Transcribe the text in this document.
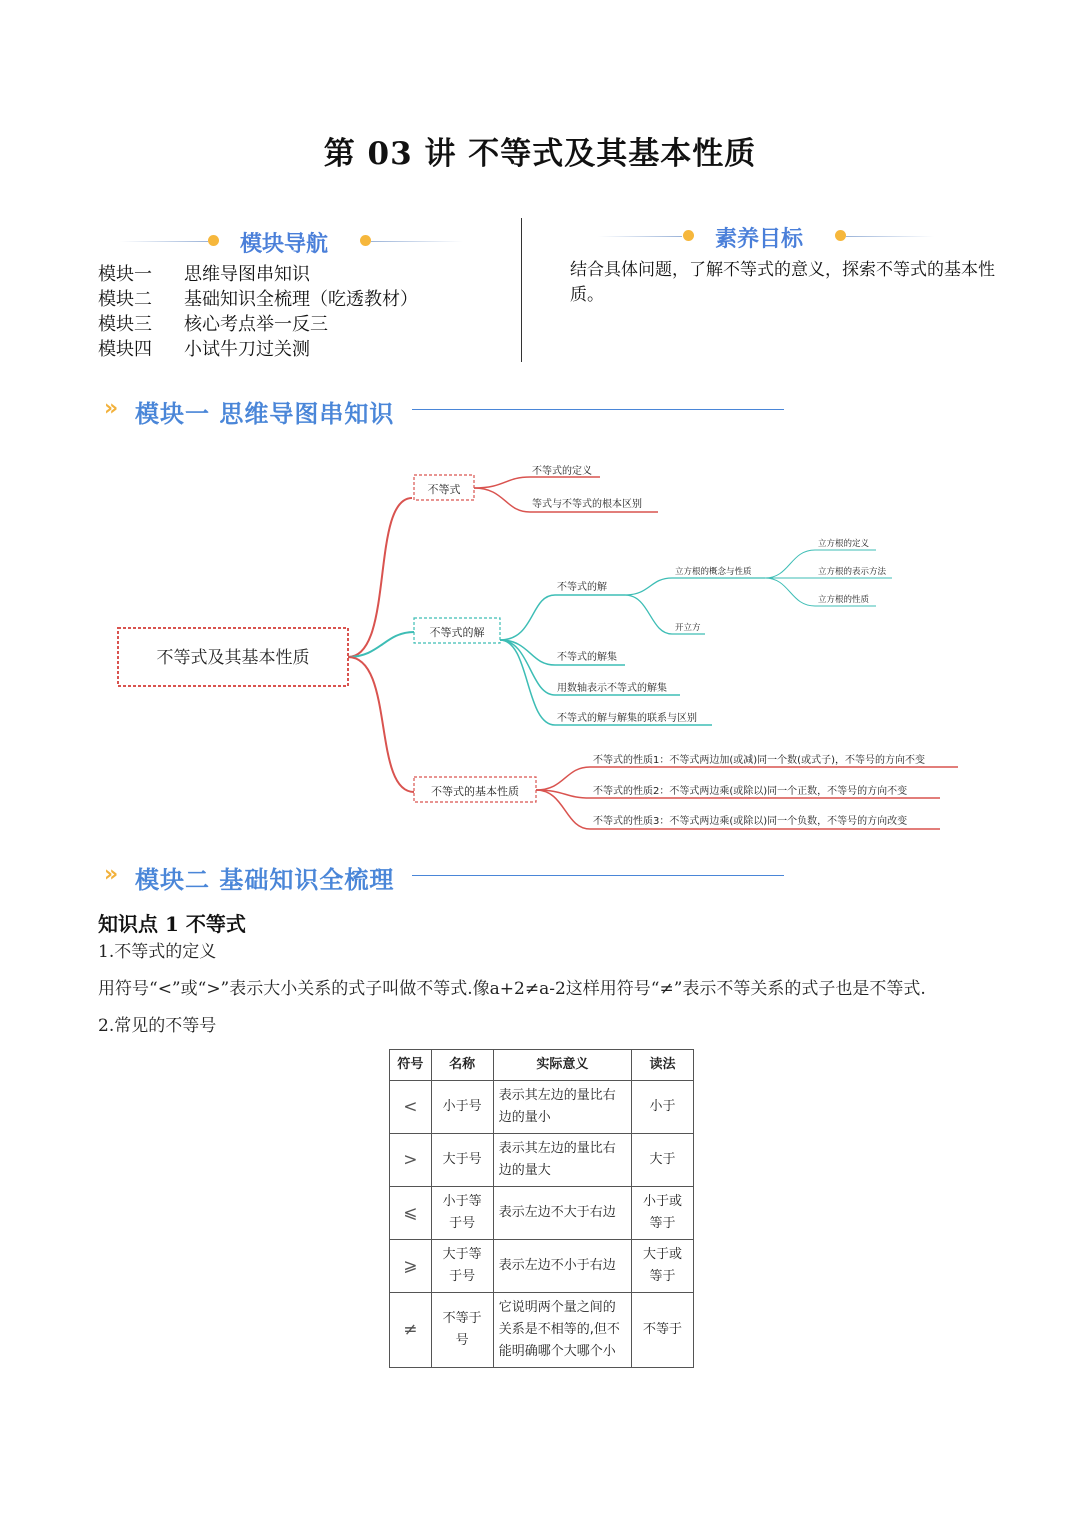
第 03 讲 不等式及其基本性质
模块导航
模块一	思维导图串知识
模块二	基础知识全梳理（吃透教材）
模块三	核心考点举一反三
模块四	小试牛刀过关测
素养目标
结合具体问题，了解不等式的意义，探索不等式的基本性质。
» 模块一 思维导图串知识
不等式及其基本性质
不等式
不等式的定义
等式与不等式的根本区别
不等式的解
不等式的解
不等式的解集
用数轴表示不等式的解集
不等式的解与解集的联系与区别
立方根的概念与性质
开立方
立方根的定义
立方根的表示方法
立方根的性质
不等式的基本性质
不等式的性质1：不等式两边加(或减)同一个数(或式子)，不等号的方向不变
不等式的性质2：不等式两边乘(或除以)同一个正数，不等号的方向不变
不等式的性质3：不等式两边乘(或除以)同一个负数，不等号的方向改变
» 模块二 基础知识全梳理
知识点 1 不等式
1.不等式的定义
用符号“<”或“>”表示大小关系的式子叫做不等式.像a+2≠a-2这样用符号“≠”表示不等关系的式子也是不等式.
2.常见的不等号
符号	名称	实际意义	读法
<	小于号	表示其左边的量比右边的量小	小于
>	大于号	表示其左边的量比右边的量大	大于
⩽	小于等于号	表示左边不大于右边	小于或等于
⩾	大于等于号	表示左边不小于右边	大于或等于
≠	不等于号	它说明两个量之间的关系是不相等的,但不能明确哪个大哪个小	不等于
